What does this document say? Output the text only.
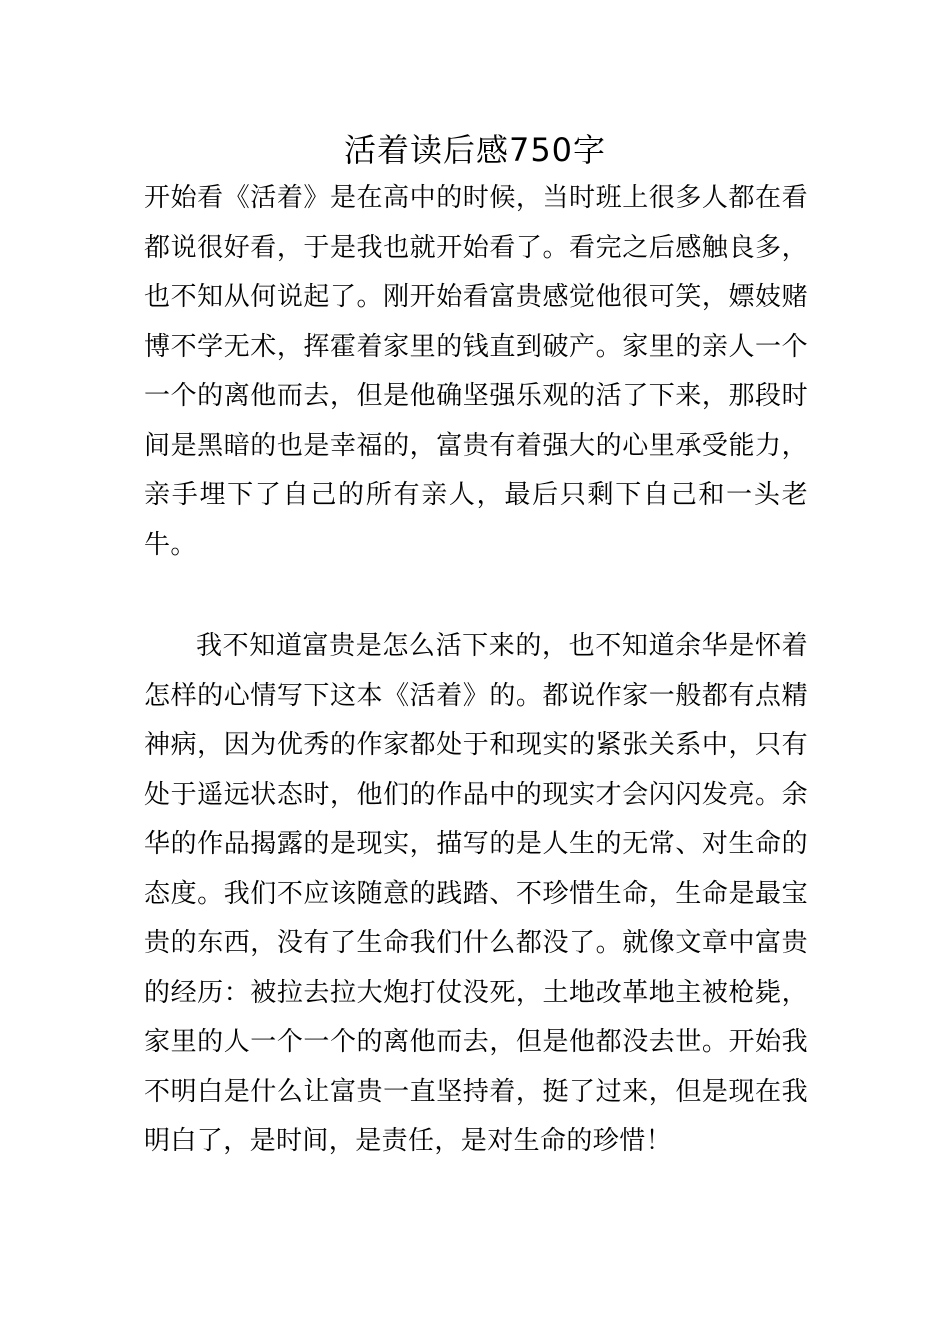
活着读后感750字

开始看《活着》是在高中的时候，当时班上很多人都在看都说很好看，于是我也就开始看了。看完之后感触良多，也不知从何说起了。刚开始看富贵感觉他很可笑，嫖妓赌博不学无术，挥霍着家里的钱直到破产。家里的亲人一个一个的离他而去，但是他确坚强乐观的活了下来，那段时间是黑暗的也是幸福的，富贵有着强大的心里承受能力，亲手埋下了自己的所有亲人，最后只剩下自己和一头老牛。

我不知道富贵是怎么活下来的，也不知道余华是怀着怎样的心情写下这本《活着》的。都说作家一般都有点精神病，因为优秀的作家都处于和现实的紧张关系中，只有处于遥远状态时，他们的作品中的现实才会闪闪发亮。余华的作品揭露的是现实，描写的是人生的无常、对生命的态度。我们不应该随意的践踏、不珍惜生命，生命是最宝贵的东西，没有了生命我们什么都没了。就像文章中富贵的经历：被拉去拉大炮打仗没死，土地改革地主被枪毙，家里的人一个一个的离他而去，但是他都没去世。开始我不明白是什么让富贵一直坚持着，挺了过来，但是现在我明白了，是时间，是责任，是对生命的珍惜！
